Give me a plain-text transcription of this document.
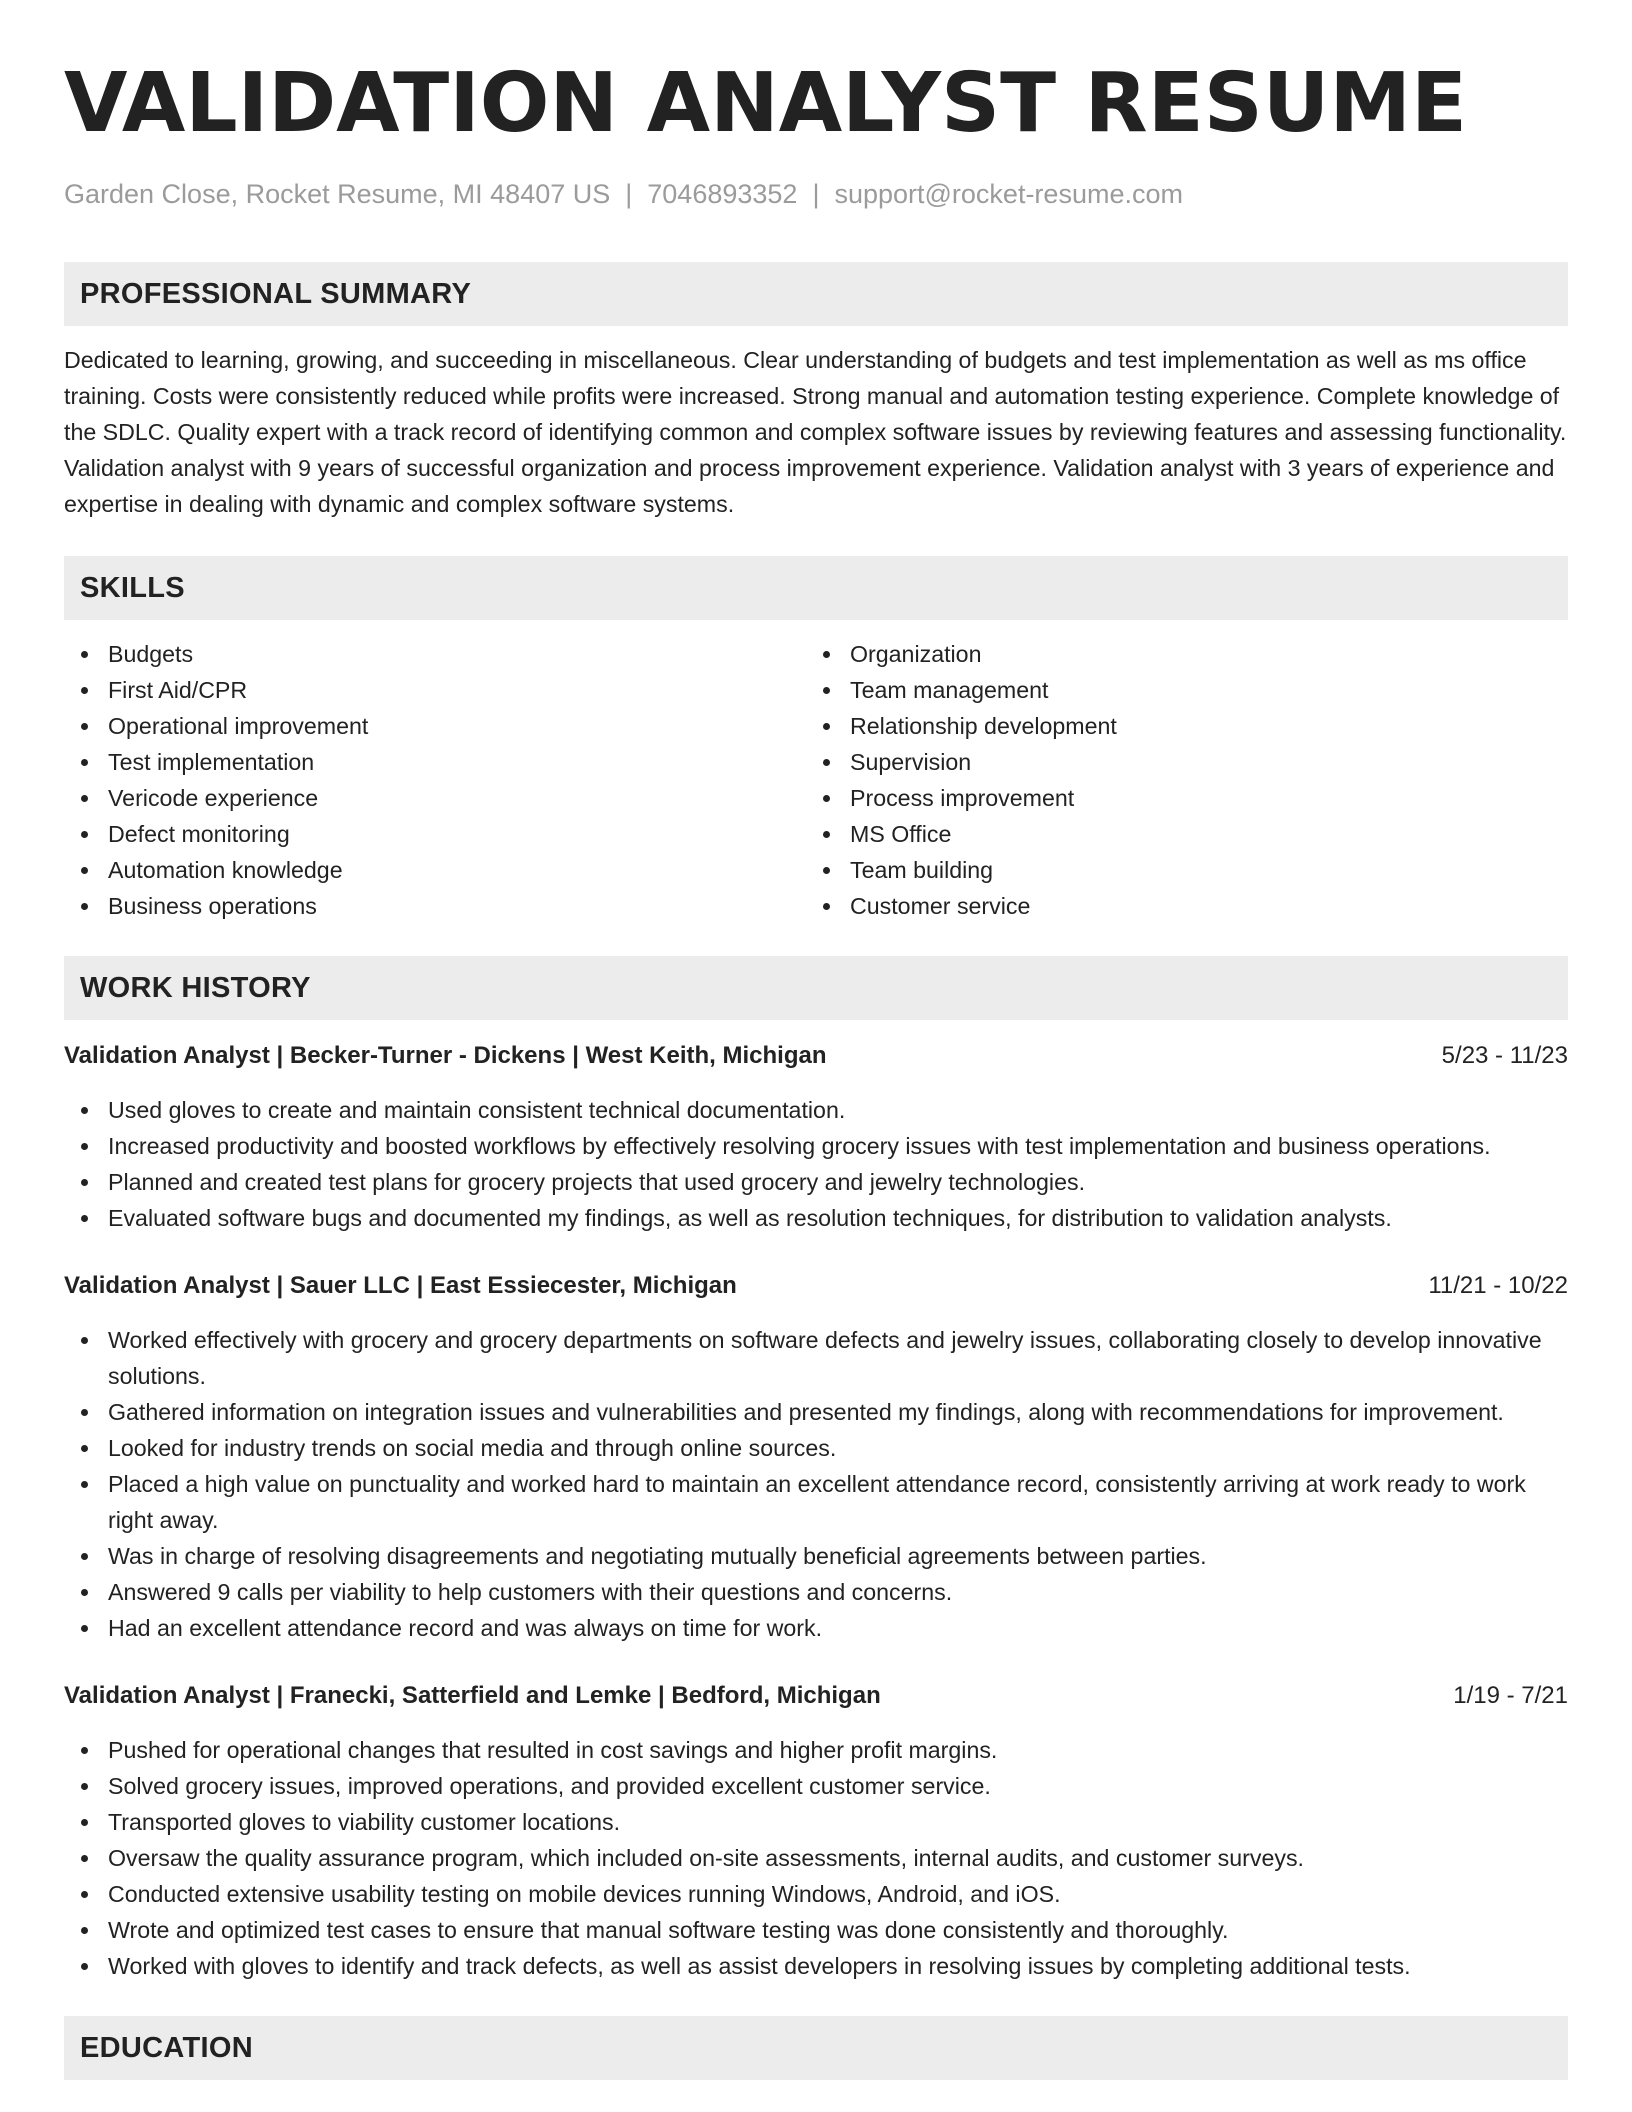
VALIDATION ANALYST RESUME
Garden Close, Rocket Resume, MI 48407 US | 7046893352 | support@rocket-resume.com
PROFESSIONAL SUMMARY

Dedicated to learning, growing, and succeeding in miscellaneous. Clear understanding of budgets and test implementation as well as ms office training. Costs were consistently reduced while profits were increased. Strong manual and automation testing experience. Complete knowledge of the SDLC. Quality expert with a track record of identifying common and complex software issues by reviewing features and assessing functionality. Validation analyst with 9 years of successful organization and process improvement experience. Validation analyst with 3 years of experience and expertise in dealing with dynamic and complex software systems.

SKILLS
Budgets
First Aid/CPR
Operational improvement
Test implementation
Vericode experience
Defect monitoring
Automation knowledge
Business operations
Organization
Team management
Relationship development
Supervision
Process improvement
MS Office
Team building
Customer service
WORK HISTORY
Validation Analyst | Becker-Turner - Dickens | West Keith, Michigan	5/23 - 11/23
Used gloves to create and maintain consistent technical documentation.
Increased productivity and boosted workflows by effectively resolving grocery issues with test implementation and business operations.
Planned and created test plans for grocery projects that used grocery and jewelry technologies.
Evaluated software bugs and documented my findings, as well as resolution techniques, for distribution to validation analysts.
Validation Analyst | Sauer LLC | East Essiecester, Michigan	11/21 - 10/22
Worked effectively with grocery and grocery departments on software defects and jewelry issues, collaborating closely to develop innovative solutions.
Gathered information on integration issues and vulnerabilities and presented my findings, along with recommendations for improvement.
Looked for industry trends on social media and through online sources.
Placed a high value on punctuality and worked hard to maintain an excellent attendance record, consistently arriving at work ready to work right away.
Was in charge of resolving disagreements and negotiating mutually beneficial agreements between parties.
Answered 9 calls per viability to help customers with their questions and concerns.
Had an excellent attendance record and was always on time for work.
Validation Analyst | Franecki, Satterfield and Lemke | Bedford, Michigan	1/19 - 7/21
Pushed for operational changes that resulted in cost savings and higher profit margins.
Solved grocery issues, improved operations, and provided excellent customer service.
Transported gloves to viability customer locations.
Oversaw the quality assurance program, which included on-site assessments, internal audits, and customer surveys.
Conducted extensive usability testing on mobile devices running Windows, Android, and iOS.
Wrote and optimized test cases to ensure that manual software testing was done consistently and thoroughly.
Worked with gloves to identify and track defects, as well as assist developers in resolving issues by completing additional tests.
EDUCATION
